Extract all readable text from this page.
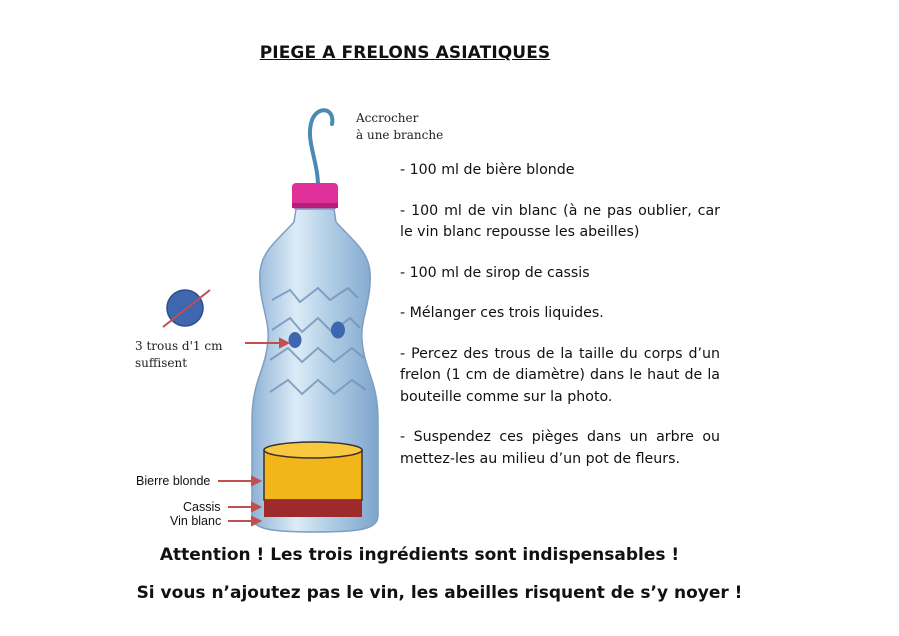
PIEGE A FRELONS ASIATIQUES
Accrocher
à une branche
3 trous d'1 cm
suffisent
Bierre blonde
Cassis
Vin blanc

- 100 ml de bière blonde

- 100 ml de vin blanc (à ne pas oublier, car le vin blanc repousse les abeilles)

- 100 ml de sirop de cassis

- Mélanger ces trois liquides.

- Percez des trous de la taille du corps d’un frelon (1 cm de diamètre) dans le haut de la bouteille comme sur la photo.

- Suspendez ces pièges dans un arbre ou mettez-les au milieu d’un pot de fleurs.

Attention ! Les trois ingrédients sont indispensables !
Si vous n’ajoutez pas le vin, les abeilles risquent de s’y noyer !
